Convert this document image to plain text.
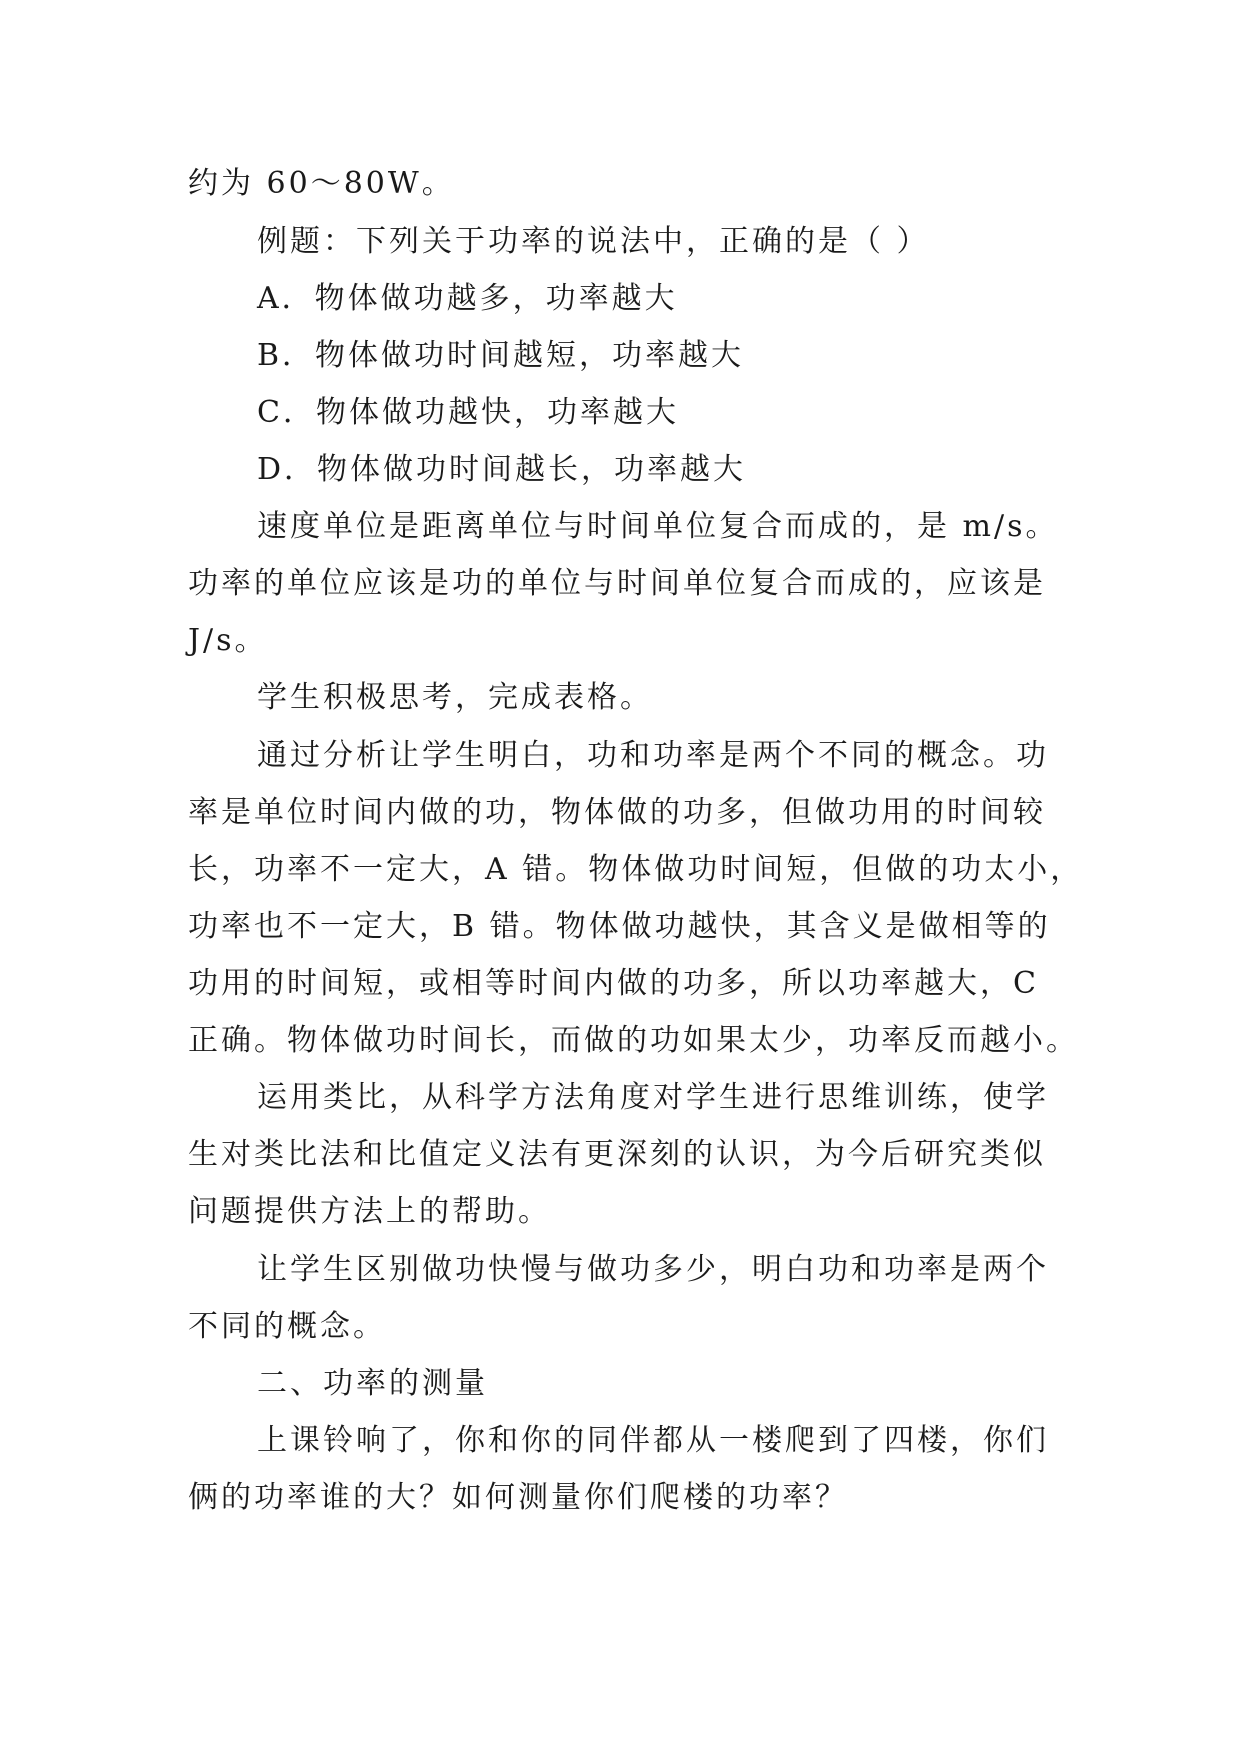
约为 60～80W。
例题：下列关于功率的说法中，正确的是（ ）
A．物体做功越多，功率越大
B．物体做功时间越短，功率越大
C．物体做功越快，功率越大
D．物体做功时间越长，功率越大
速度单位是距离单位与时间单位复合而成的，是 m/s。
功率的单位应该是功的单位与时间单位复合而成的，应该是
J/s。
学生积极思考，完成表格。
通过分析让学生明白，功和功率是两个不同的概念。功
率是单位时间内做的功，物体做的功多，但做功用的时间较
长，功率不一定大，A 错。物体做功时间短，但做的功太小，
功率也不一定大，B 错。物体做功越快，其含义是做相等的
功用的时间短，或相等时间内做的功多，所以功率越大，C
正确。物体做功时间长，而做的功如果太少，功率反而越小。
运用类比，从科学方法角度对学生进行思维训练，使学
生对类比法和比值定义法有更深刻的认识，为今后研究类似
问题提供方法上的帮助。
让学生区别做功快慢与做功多少，明白功和功率是两个
不同的概念。
二、功率的测量
上课铃响了，你和你的同伴都从一楼爬到了四楼，你们
俩的功率谁的大？如何测量你们爬楼的功率？
